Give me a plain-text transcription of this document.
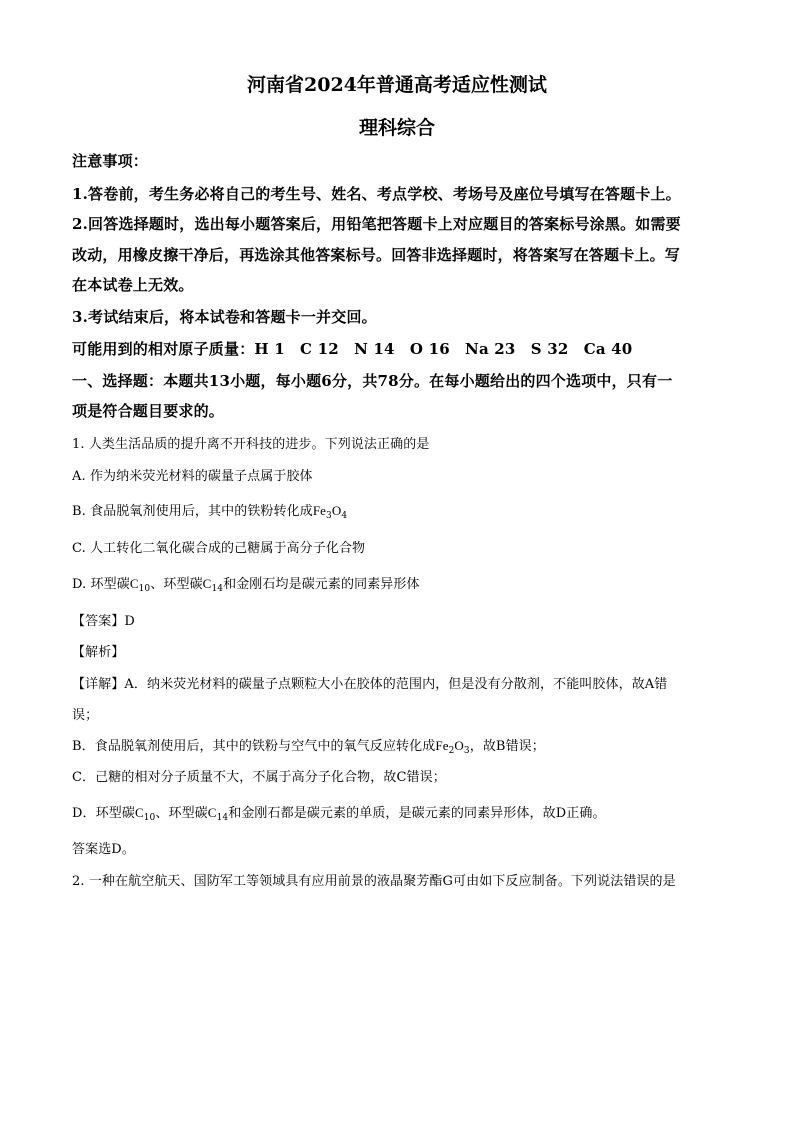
河南省2024年普通高考适应性测试
理科综合
注意事项：
1.答卷前，考生务必将自己的考生号、姓名、考点学校、考场号及座位号填写在答题卡上。
2.回答选择题时，选出每小题答案后，用铅笔把答题卡上对应题目的答案标号涂黑。如需要
改动，用橡皮擦干净后，再选涂其他答案标号。回答非选择题时，将答案写在答题卡上。写
在本试卷上无效。
3.考试结束后，将本试卷和答题卡一并交回。
可能用到的相对原子质量：H 1　C 12　N 14　O 16　Na 23　S 32　Ca 40
一、选择题：本题共13小题，每小题6分，共78分。在每小题给出的四个选项中，只有一
项是符合题目要求的。
1. 人类生活品质的提升离不开科技的进步。下列说法正确的是
A. 作为纳米荧光材料的碳量子点属于胶体
B. 食品脱氧剂使用后，其中的铁粉转化成$Fe_3O_4$
C. 人工转化二氧化碳合成的己糖属于高分子化合物
D. 环型碳$C_{10}$、环型碳$C_{14}$和金刚石均是碳元素的同素异形体
【答案】D
【解析】
【详解】A．纳米荧光材料的碳量子点颗粒大小在胶体的范围内，但是没有分散剂，不能叫胶体，故A错
误；
B．食品脱氧剂使用后，其中的铁粉与空气中的氧气反应转化成$Fe_2O_3$，故B错误；
C．己糖的相对分子质量不大，不属于高分子化合物，故C错误；
D．环型碳$C_{10}$、环型碳$C_{14}$和金刚石都是碳元素的单质，是碳元素的同素异形体，故D正确。
答案选D。
2. 一种在航空航天、国防军工等领域具有应用前景的液晶聚芳酯G可由如下反应制备。下列说法错误的是
